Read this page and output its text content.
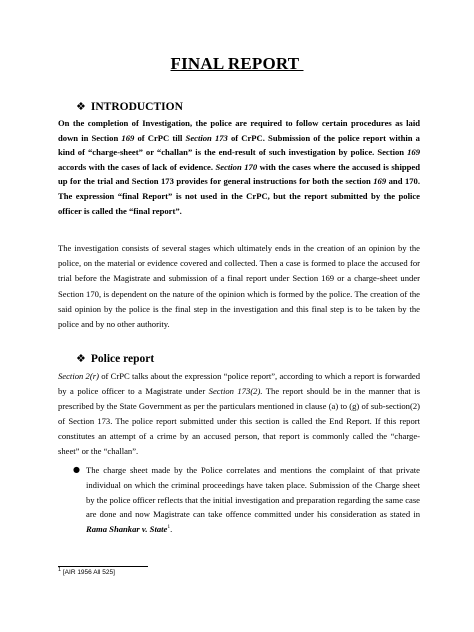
FINAL REPORT
❖ INTRODUCTION

On the completion of Investigation, the police are required to follow certain procedures as laid down in Section 169 of CrPC till Section 173 of CrPC. Submission of the police report within a kind of “charge-sheet” or “challan” is the end-result of such investigation by police. Section 169 accords with the cases of lack of evidence. Section 170 with the cases where the accused is shipped up for the trial and Section 173 provides for general instructions for both the section 169 and 170. The expression “final Report” is not used in the CrPC, but the report submitted by the police officer is called the “final report”.

The investigation consists of several stages which ultimately ends in the creation of an opinion by the police, on the material or evidence covered and collected. Then a case is formed to place the accused for trial before the Magistrate and submission of a final report under Section 169 or a charge-sheet under Section 170, is dependent on the nature of the opinion which is formed by the police. The creation of the said opinion by the police is the final step in the investigation and this final step is to be taken by the police and by no other authority.

❖ Police report

Section 2(r) of CrPC talks about the expression “police report”, according to which a report is forwarded by a police officer to a Magistrate under Section 173(2). The report should be in the manner that is prescribed by the State Government as per the particulars mentioned in clause (a) to (g) of sub-section(2) of Section 173. The police report submitted under this section is called the End Report. If this report constitutes an attempt of a crime by an accused person, that report is commonly called the “charge-sheet” or the “challan”.

● The charge sheet made by the Police correlates and mentions the complaint of that private individual on which the criminal proceedings have taken place. Submission of the Charge sheet by the police officer reflects that the initial investigation and preparation regarding the same case are done and now Magistrate can take offence committed under his consideration as stated in Rama Shankar v. State$^1$.
$^1$ [AIR 1956 All 525]
